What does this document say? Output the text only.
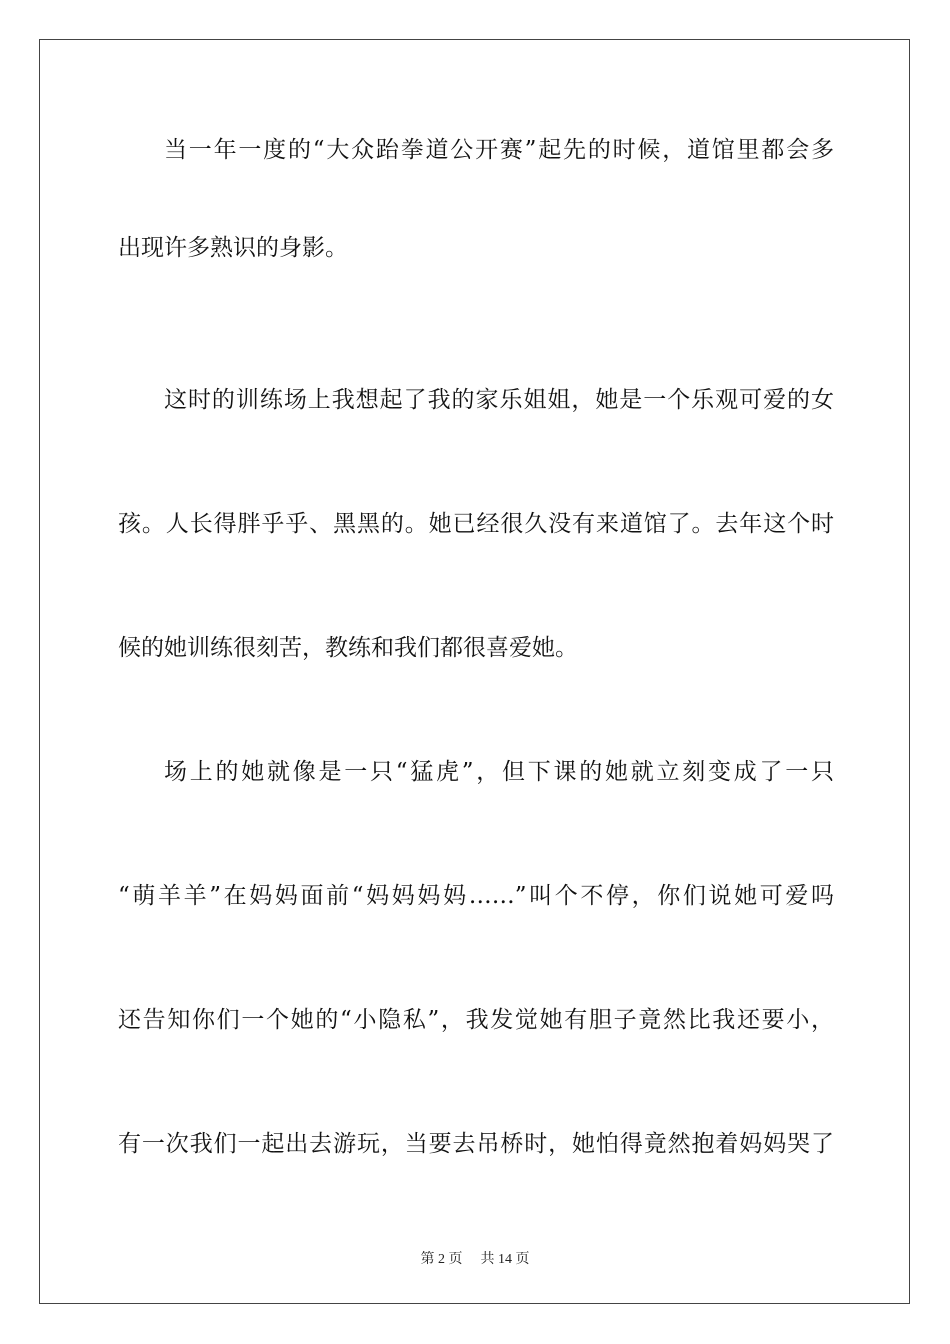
当一年一度的“大众跆拳道公开赛”起先的时候，道馆里都会多
出现许多熟识的身影。
这时的训练场上我想起了我的家乐姐姐，她是一个乐观可爱的女
孩。人长得胖乎乎、黑黑的。她已经很久没有来道馆了。去年这个时
候的她训练很刻苦，教练和我们都很喜爱她。
场上的她就像是一只“猛虎”，但下课的她就立刻变成了一只
“萌羊羊”在妈妈面前“妈妈妈妈……”叫个不停，你们说她可爱吗
还告知你们一个她的“小隐私”，我发觉她有胆子竟然比我还要小，
有一次我们一起出去游玩，当要去吊桥时，她怕得竟然抱着妈妈哭了
第 2 页 共 14 页
